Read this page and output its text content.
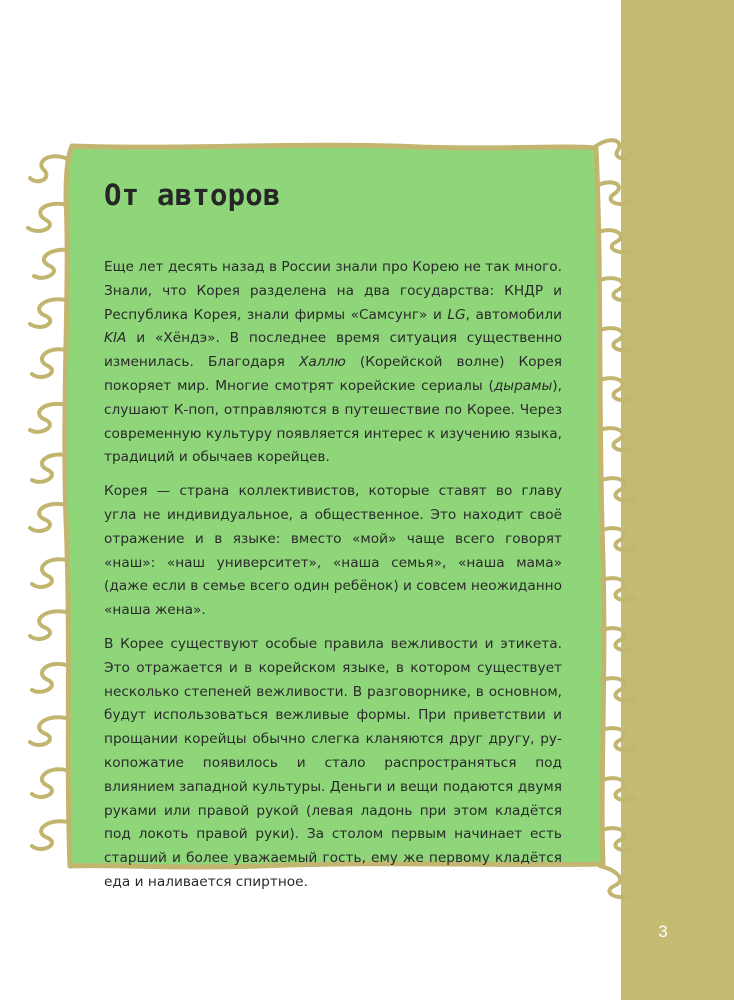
От авторов

Еще лет десять назад в России знали про Корею не так много. Знали, что Корея разделена на два государства: КНДР и Республика Корея, знали фирмы «Самсунг» и LG, автомобили KIA и «Хёндэ». В последнее время ситуация существенно изменилась. Благодаря Халлю (Корейской волне) Корея покоряет мир. Многие смотрят корейские сериалы (дырамы), слушают К-поп, отправляются в путешествие по Корее. Через современную культуру появляется интерес к изучению языка, традиций и обычаев корейцев.

Корея — страна коллективистов, которые ставят во главу угла не индивидуальное, а общественное. Это находит своё отражение и в языке: вместо «мой» чаще всего говорят «наш»: «наш университет», «наша семья», «наша мама» (даже если в семье всего один ребёнок) и совсем неожиданно «наша жена».

В Корее существуют особые правила вежливости и этикета. Это отражается и в корейском языке, в котором существует несколько степеней вежливости. В разговорнике, в основном, будут использоваться вежливые формы. При приветствии и прощании корейцы обычно слегка кланяются друг другу, рукопожатие появилось и стало распространяться под влиянием западной культуры. Деньги и вещи подаются двумя руками или правой рукой (левая ладонь при этом кладётся под локоть правой руки). За столом первым начинает есть старший и более уважаемый гость, ему же первому кладётся еда и наливается спиртное.

3
